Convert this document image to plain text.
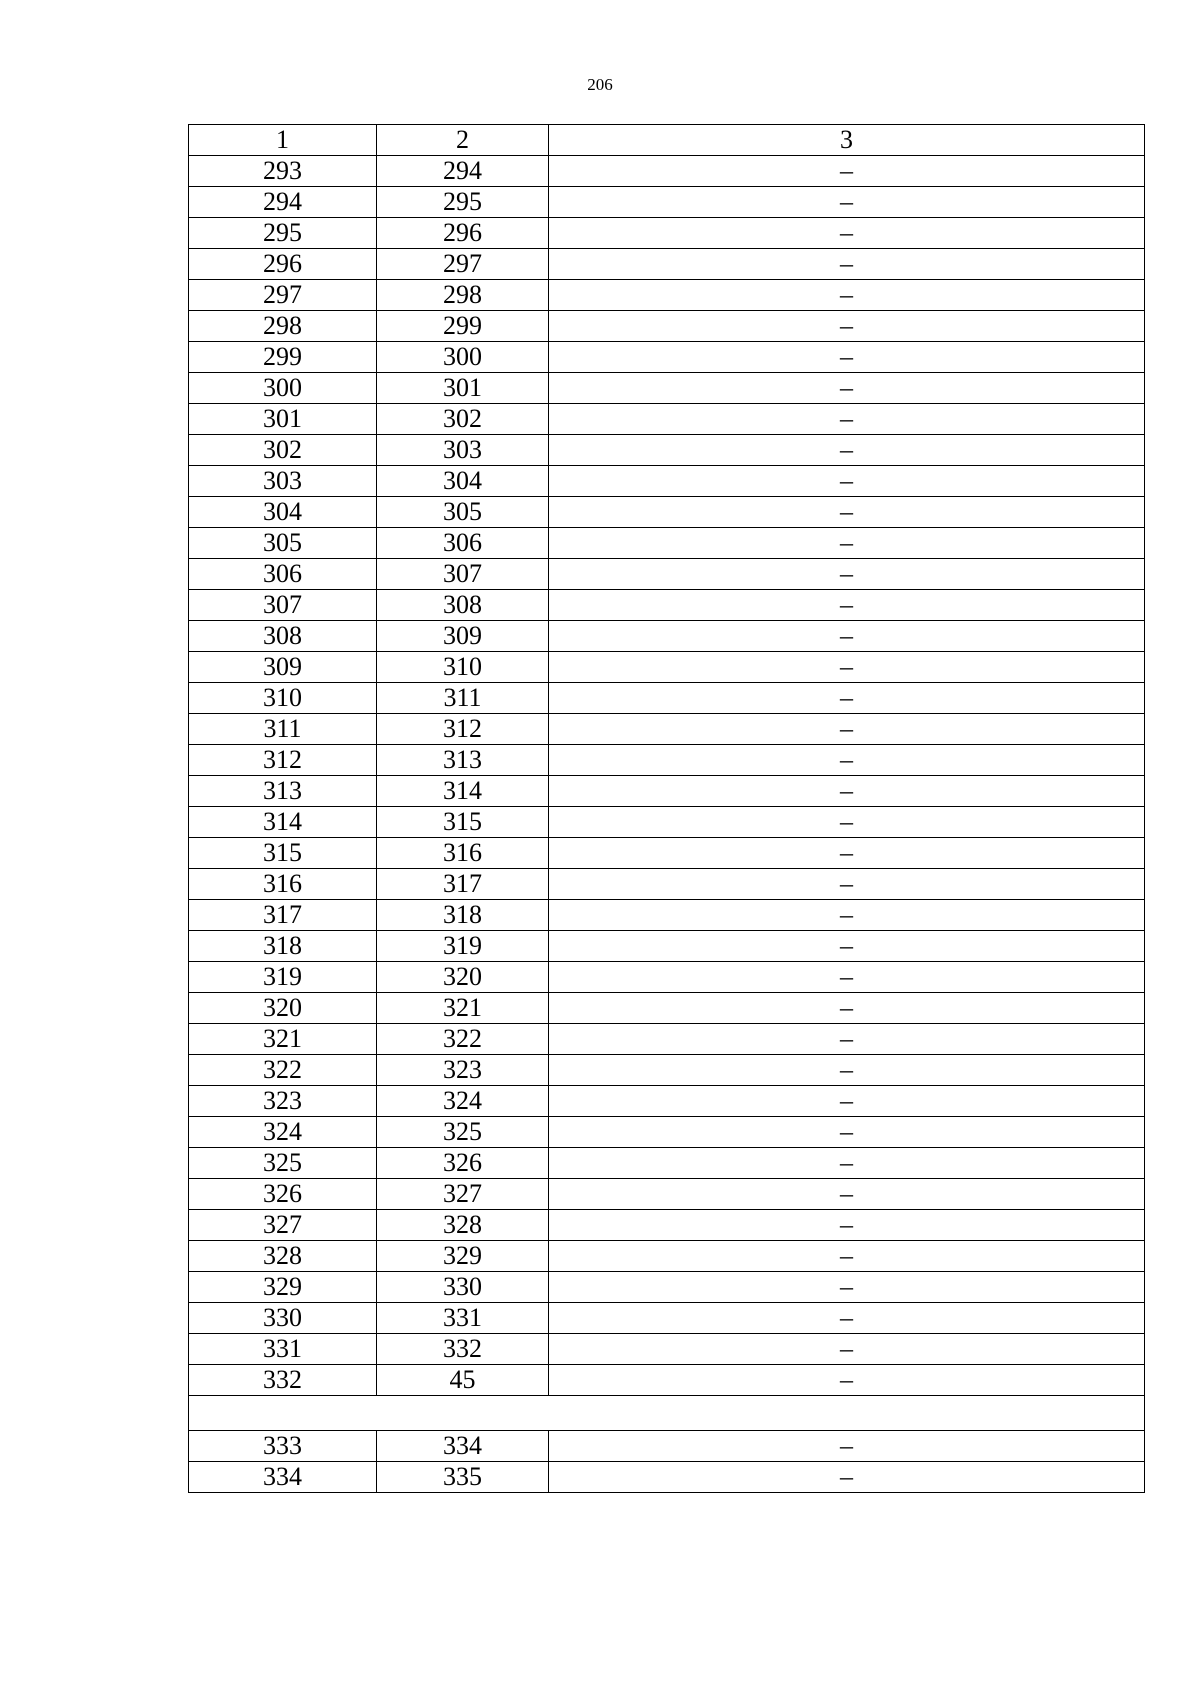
206
1	2	3
293	294	–
294	295	–
295	296	–
296	297	–
297	298	–
298	299	–
299	300	–
300	301	–
301	302	–
302	303	–
303	304	–
304	305	–
305	306	–
306	307	–
307	308	–
308	309	–
309	310	–
310	311	–
311	312	–
312	313	–
313	314	–
314	315	–
315	316	–
316	317	–
317	318	–
318	319	–
319	320	–
320	321	–
321	322	–
322	323	–
323	324	–
324	325	–
325	326	–
326	327	–
327	328	–
328	329	–
329	330	–
330	331	–
331	332	–
332	45	–

333	334	–
334	335	–
